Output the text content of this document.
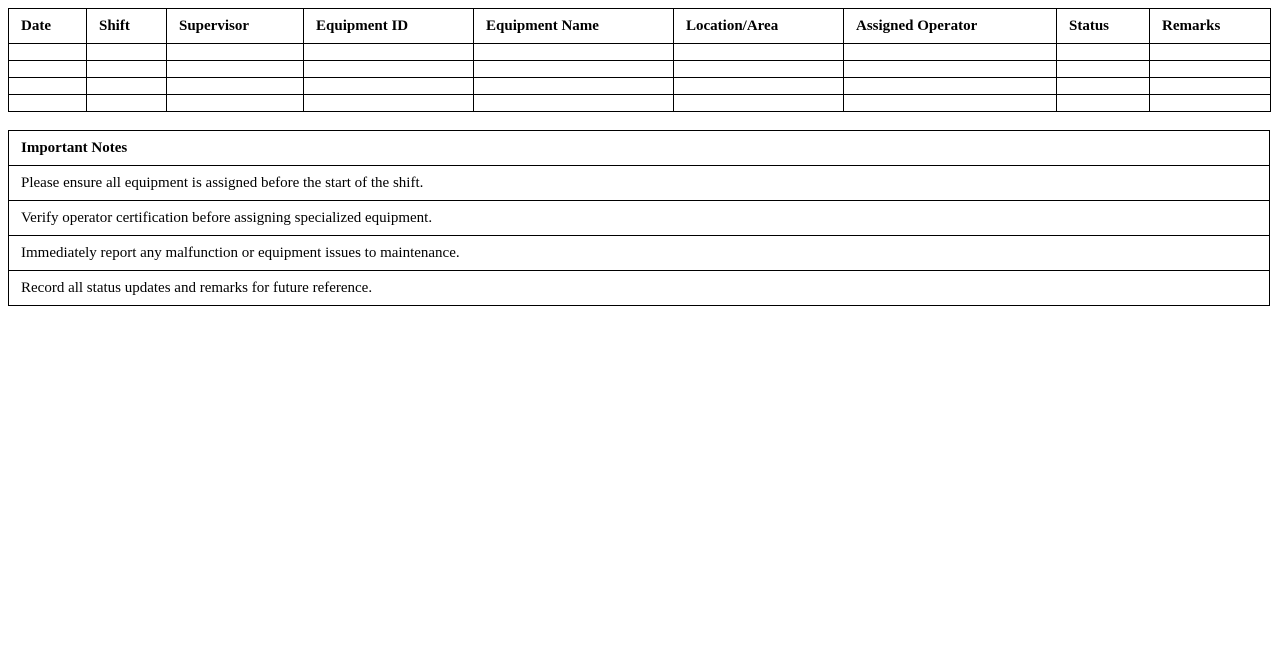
Date	Shift	Supervisor	Equipment ID	Equipment Name	Location/Area	Assigned Operator	Status	Remarks

Important Notes
Please ensure all equipment is assigned before the start of the shift.
Verify operator certification before assigning specialized equipment.
Immediately report any malfunction or equipment issues to maintenance.
Record all status updates and remarks for future reference.
